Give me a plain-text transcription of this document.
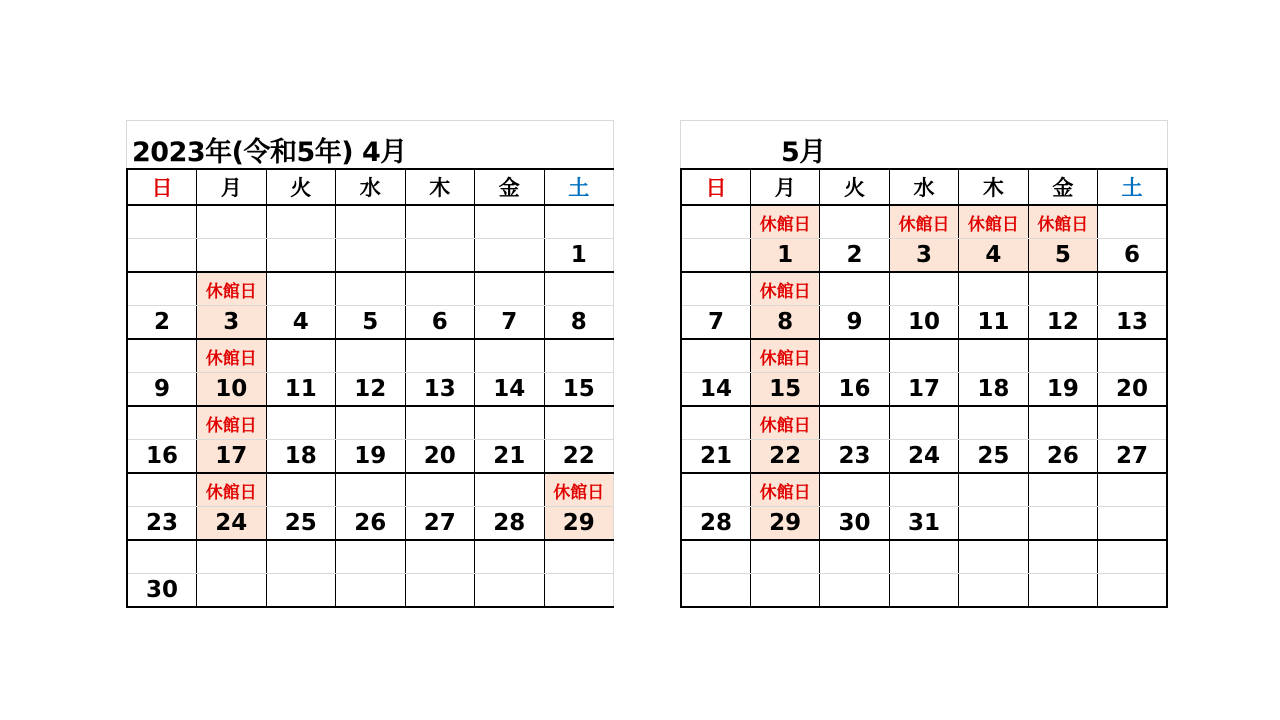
2023年(令和5年) 4月
日	月	火	水	木	金	土

						1
	休館日					
2	3	4	5	6	7	8
	休館日					
9	10	11	12	13	14	15
	休館日					
16	17	18	19	20	21	22
	休館日					休館日
23	24	25	26	27	28	29

30						
5月
日	月	火	水	木	金	土
	休館日		休館日	休館日	休館日	
	1	2	3	4	5	6
	休館日					
7	8	9	10	11	12	13
	休館日					
14	15	16	17	18	19	20
	休館日					
21	22	23	24	25	26	27
	休館日					
28	29	30	31			
